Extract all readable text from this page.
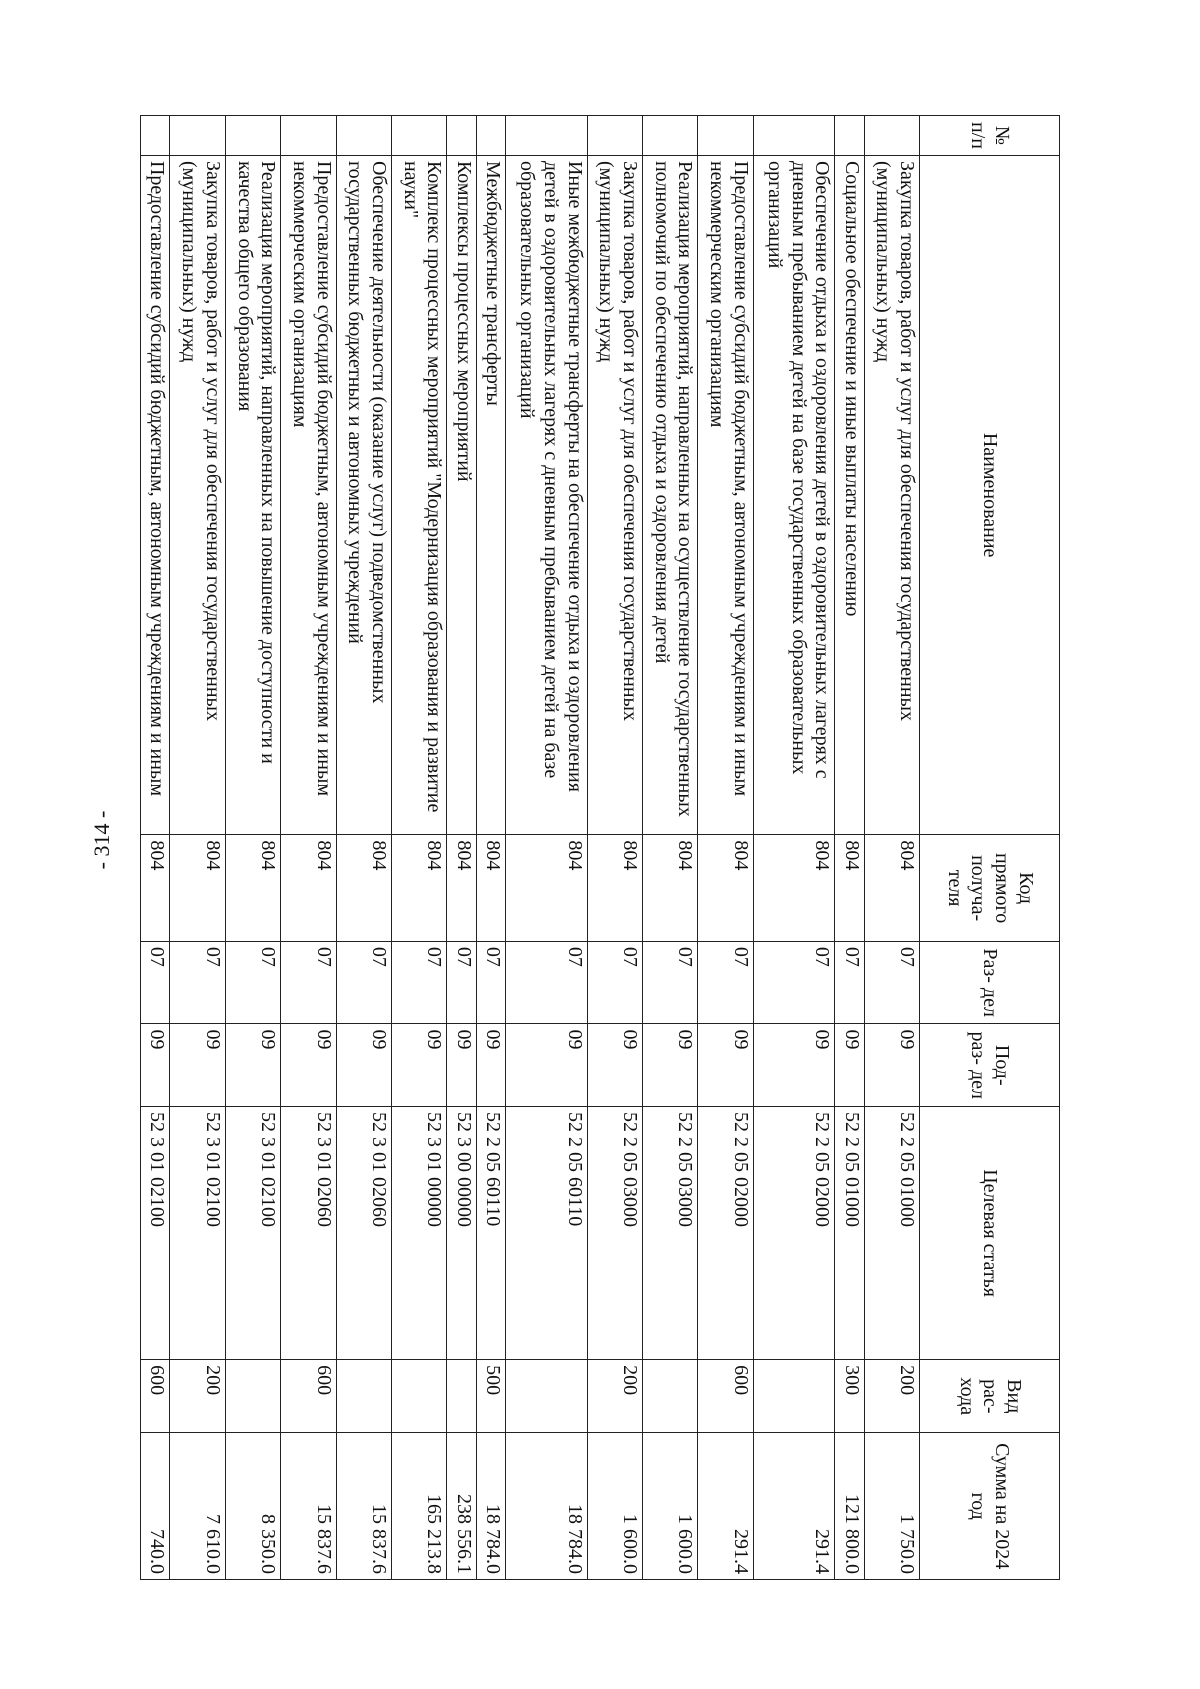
- 314 -
№ п/п	Наименование	Код прямого получа- теля	Раз- дел	Под- раз- дел	Целевая статья	Вид рас- хода	Сумма на 2024 год
	Закупка товаров, работ и услуг для обеспечения государственных (муниципальных) нужд	804	07	09	52 2 05 01000	200	1 750.0
	Социальное обеспечение и иные выплаты населению	804	07	09	52 2 05 01000	300	121 800.0
	Обеспечение отдыха и оздоровления детей в оздоровительных лагерях с дневным пребыванием детей на базе государственных образовательных организаций	804	07	09	52 2 05 02000		291.4
	Предоставление субсидий бюджетным, автономным учреждениям и иным некоммерческим организациям	804	07	09	52 2 05 02000	600	291.4
	Реализация мероприятий, направленных на осуществление государственных полномочий по обеспечению отдыха и оздоровления детей	804	07	09	52 2 05 03000		1 600.0
	Закупка товаров, работ и услуг для обеспечения государственных (муниципальных) нужд	804	07	09	52 2 05 03000	200	1 600.0
	Иные межбюджетные трансферты на обеспечение отдыха и оздоровления детей в оздоровительных лагерях с дневным пребыванием детей на базе образовательных организаций	804	07	09	52 2 05 60110		18 784.0
	Межбюджетные трансферты	804	07	09	52 2 05 60110	500	18 784.0
	Комплексы процессных мероприятий	804	07	09	52 3 00 00000		238 556.1
	Комплекс процессных мероприятий "Модернизация образования и развитие науки"	804	07	09	52 3 01 00000		165 213.8
	Обеспечение деятельности (оказание услуг) подведомственных государственных бюджетных и автономных учреждений	804	07	09	52 3 01 02060		15 837.6
	Предоставление субсидий бюджетным, автономным учреждениям и иным некоммерческим организациям	804	07	09	52 3 01 02060	600	15 837.6
	Реализация мероприятий, направленных на повышение доступности и качества общего образования	804	07	09	52 3 01 02100		8 350.0
	Закупка товаров, работ и услуг для обеспечения государственных (муниципальных) нужд	804	07	09	52 3 01 02100	200	7 610.0
	Предоставление субсидий бюджетным, автономным учреждениям и иным	804	07	09	52 3 01 02100	600	740.0
